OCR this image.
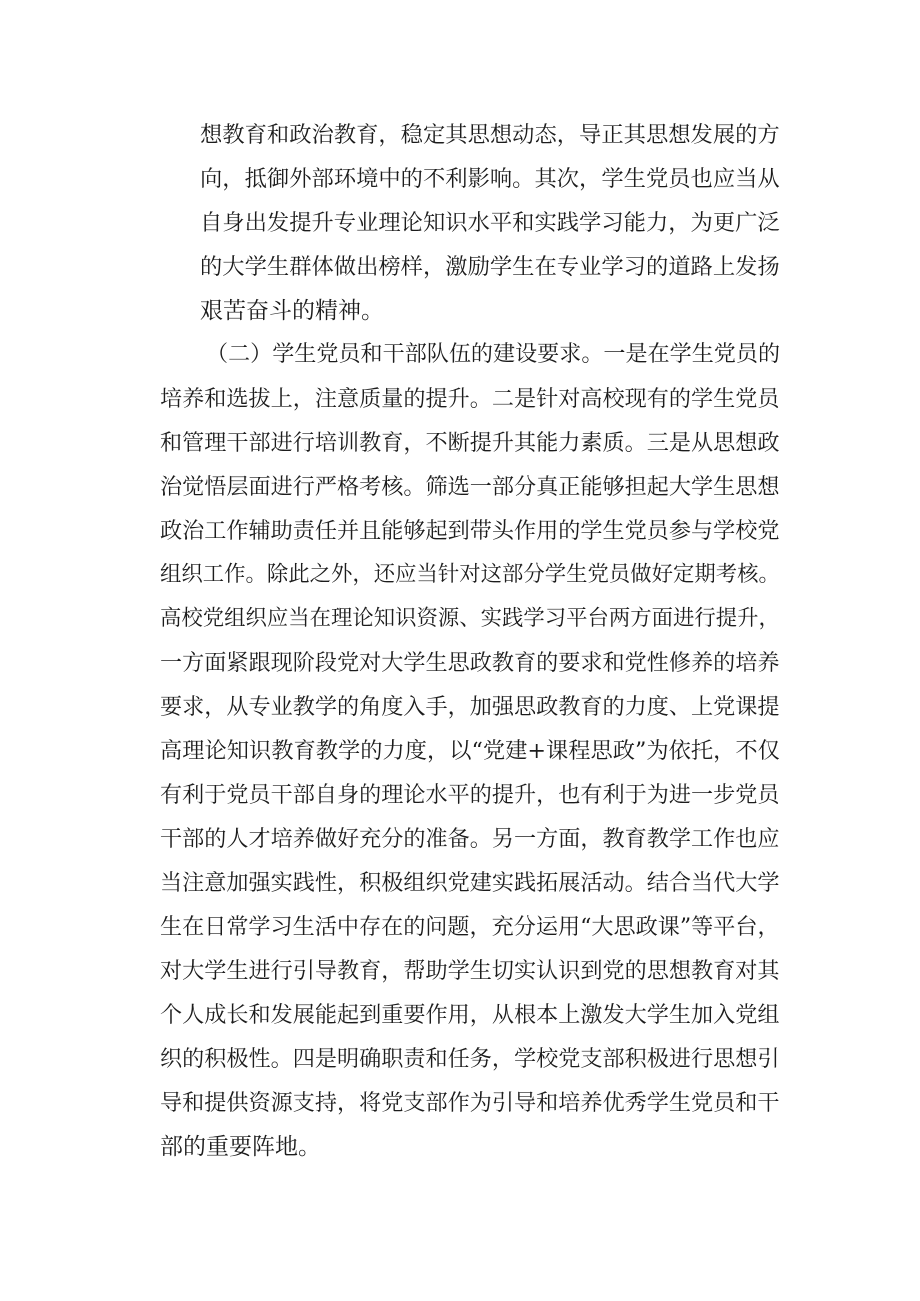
想教育和政治教育，稳定其思想动态，导正其思想发展的方

向，抵御外部环境中的不利影响。其次，学生党员也应当从

自身出发提升专业理论知识水平和实践学习能力，为更广泛

的大学生群体做出榜样，激励学生在专业学习的道路上发扬

艰苦奋斗的精神。

（二）学生党员和干部队伍的建设要求。一是在学生党员的

培养和选拔上，注意质量的提升。二是针对高校现有的学生党员

和管理干部进行培训教育，不断提升其能力素质。三是从思想政

治觉悟层面进行严格考核。筛选一部分真正能够担起大学生思想

政治工作辅助责任并且能够起到带头作用的学生党员参与学校党

组织工作。除此之外，还应当针对这部分学生党员做好定期考核。

高校党组织应当在理论知识资源、实践学习平台两方面进行提升，

一方面紧跟现阶段党对大学生思政教育的要求和党性修养的培养

要求，从专业教学的角度入手，加强思政教育的力度、上党课提

高理论知识教育教学的力度，以“党建+课程思政”为依托，不仅

有利于党员干部自身的理论水平的提升，也有利于为进一步党员

干部的人才培养做好充分的准备。另一方面，教育教学工作也应

当注意加强实践性，积极组织党建实践拓展活动。结合当代大学

生在日常学习生活中存在的问题，充分运用“大思政课”等平台，

对大学生进行引导教育，帮助学生切实认识到党的思想教育对其

个人成长和发展能起到重要作用，从根本上激发大学生加入党组

织的积极性。四是明确职责和任务，学校党支部积极进行思想引

导和提供资源支持，将党支部作为引导和培养优秀学生党员和干

部的重要阵地。
